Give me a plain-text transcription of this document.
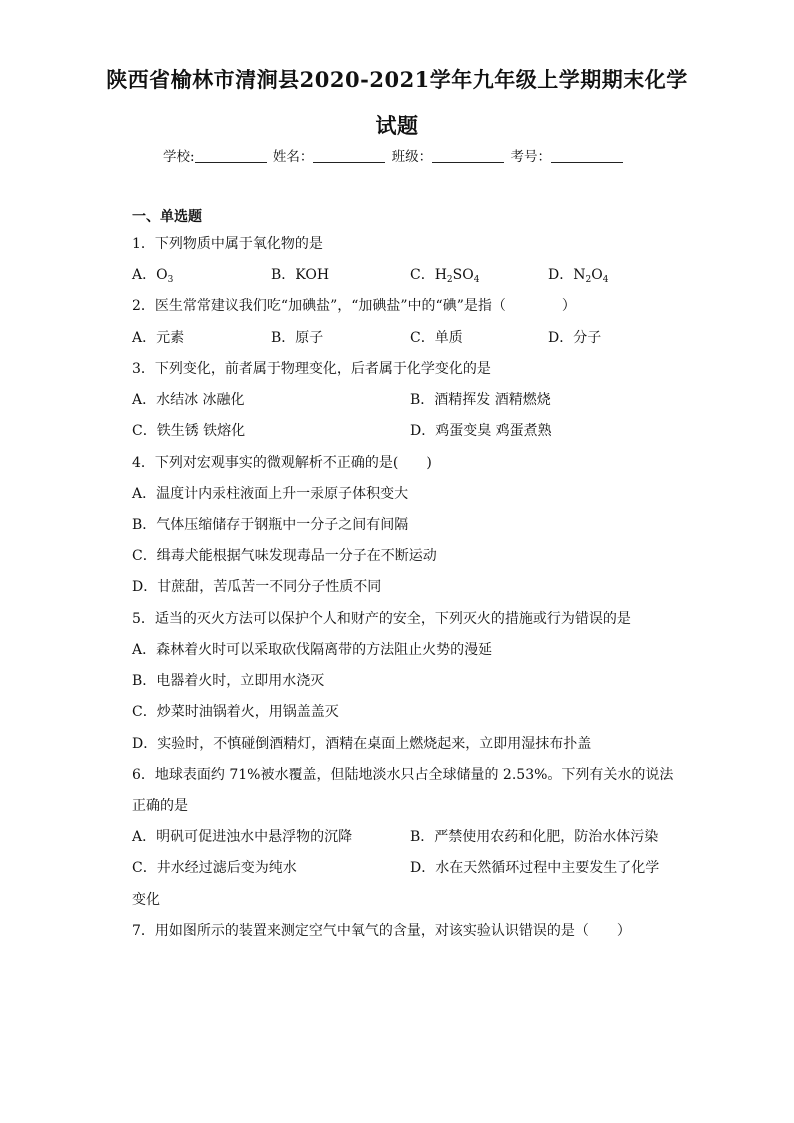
陕西省榆林市清涧县2020-2021学年九年级上学期期末化学
试题
学校:	姓名：	班级：	考号：
一、单选题
1．下列物质中属于氧化物的是
A．$O_3$	B．KOH	C．$H_2SO_4$	D．$N_2O_4$
2．医生常常建议我们吃“加碘盐”，“加碘盐”中的“碘”是指（　　　　）
A．元素	B．原子	C．单质	D．分子
3．下列变化，前者属于物理变化，后者属于化学变化的是
A．水结冰 冰融化	B．酒精挥发 酒精燃烧
C．铁生锈 铁熔化	D．鸡蛋变臭 鸡蛋煮熟
4．下列对宏观事实的微观解析不正确的是(　　)
A．温度计内汞柱液面上升一汞原子体积变大
B．气体压缩储存于钢瓶中一分子之间有间隔
C．缉毒犬能根据气味发现毒品一分子在不断运动
D．甘蔗甜，苦瓜苦一不同分子性质不同
5．适当的灭火方法可以保护个人和财产的安全，下列灭火的措施或行为错误的是
A．森林着火时可以采取砍伐隔离带的方法阻止火势的漫延
B．电器着火时，立即用水浇灭
C．炒菜时油锅着火，用锅盖盖灭
D．实验时，不慎碰倒酒精灯，酒精在桌面上燃烧起来，立即用湿抹布扑盖
6．地球表面约 71%被水覆盖，但陆地淡水只占全球储量的 2.53%。下列有关水的说法
正确的是
A．明矾可促进浊水中悬浮物的沉降	B．严禁使用农药和化肥，防治水体污染
C．井水经过滤后变为纯水	D．水在天然循环过程中主要发生了化学
变化
7．用如图所示的装置来测定空气中氧气的含量，对该实验认识错误的是（　　）
